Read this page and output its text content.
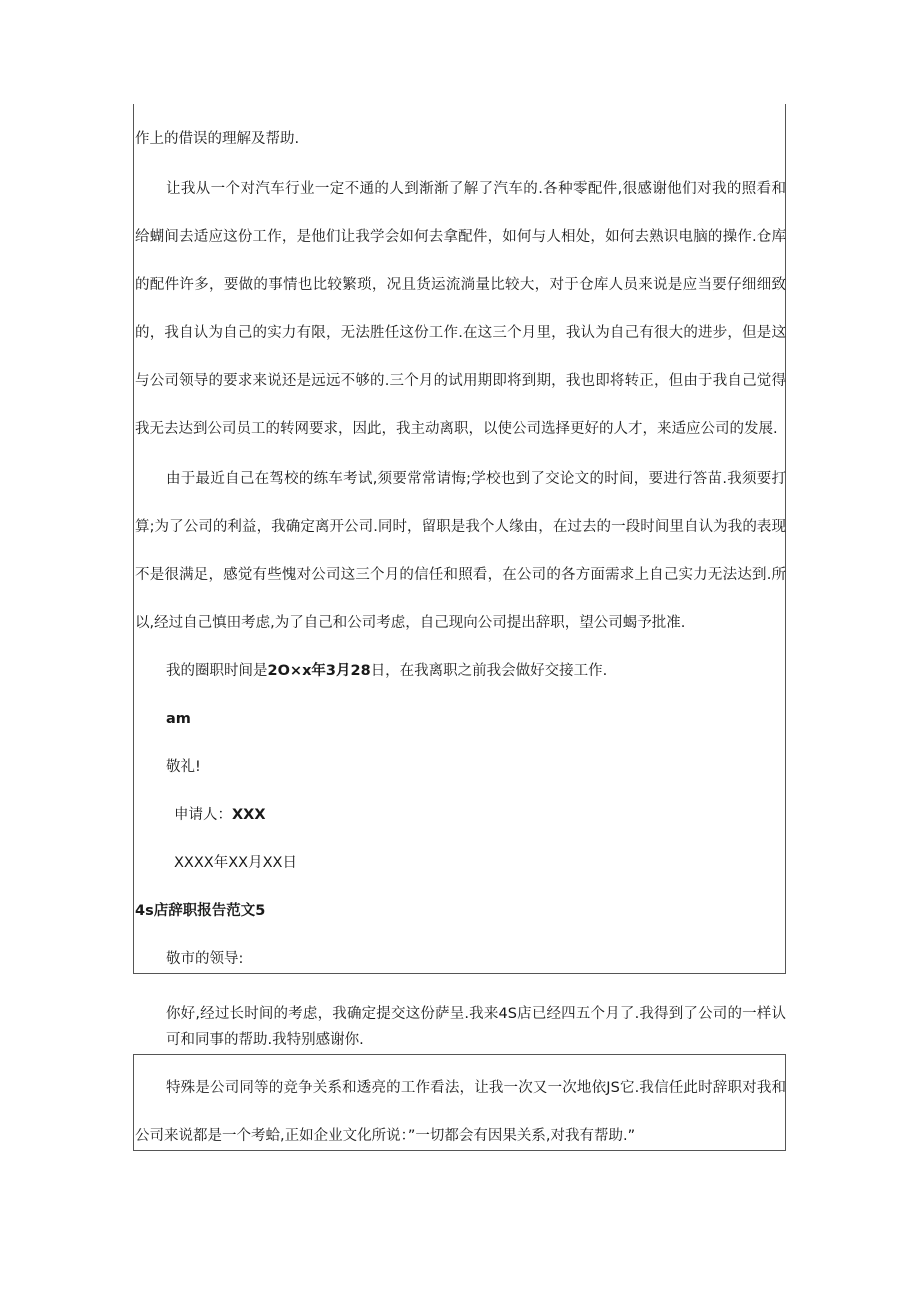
作上的借误的理解及帮助.
让我从一个对汽车行业一定不通的人到渐渐了解了汽车的.各种零配件,很感谢他们对我的照看和
给蝴间去适应这份工作，是他们让我学会如何去拿配件，如何与人相处，如何去熟识电脑的操作.仓库
的配件许多，要做的事情也比较繁琐，况且货运流淌量比较大，对于仓库人员来说是应当要仔细细致
的，我自认为自己的实力有限，无法胜任这份工作.在这三个月里，我认为自己有很大的进步，但是这
与公司领导的要求来说还是远远不够的.三个月的试用期即将到期，我也即将转正，但由于我自己觉得
我无去达到公司员工的转网要求，因此，我主动离职，以使公司选择更好的人才，来适应公司的发展.
由于最近自己在驾校的练车考试,须要常常请悔;学校也到了交论文的时间，要进行答苗.我须要打
算;为了公司的利益，我确定离开公司.同时，留职是我个人缘由，在过去的一段时间里自认为我的表现
不是很满足，感觉有些愧对公司这三个月的信任和照看，在公司的各方面需求上自己实力无法达到.所
以,经过自己慎田考虑,为了自己和公司考虑，自己现向公司提出辞职，望公司蝎予批准.
我的圈职时间是2O×x年3月28日，在我离职之前我会做好交接工作.
am
敬礼!
申请人：XXX
XXXX年XX月XX日
4s店辞职报告范文5
敬市的领导:
你好,经过长时间的考虑，我确定提交这份萨呈.我来4S店已经四五个月了.我得到了公司的一样认
可和同事的帮助.我特别感谢你.
特殊是公司同等的竞争关系和透亮的工作看法，让我一次又一次地依JS它.我信任此时辞职对我和
公司来说都是一个考蛤,正如企业文化所说：”一切都会有因果关系,对我有帮助.”
